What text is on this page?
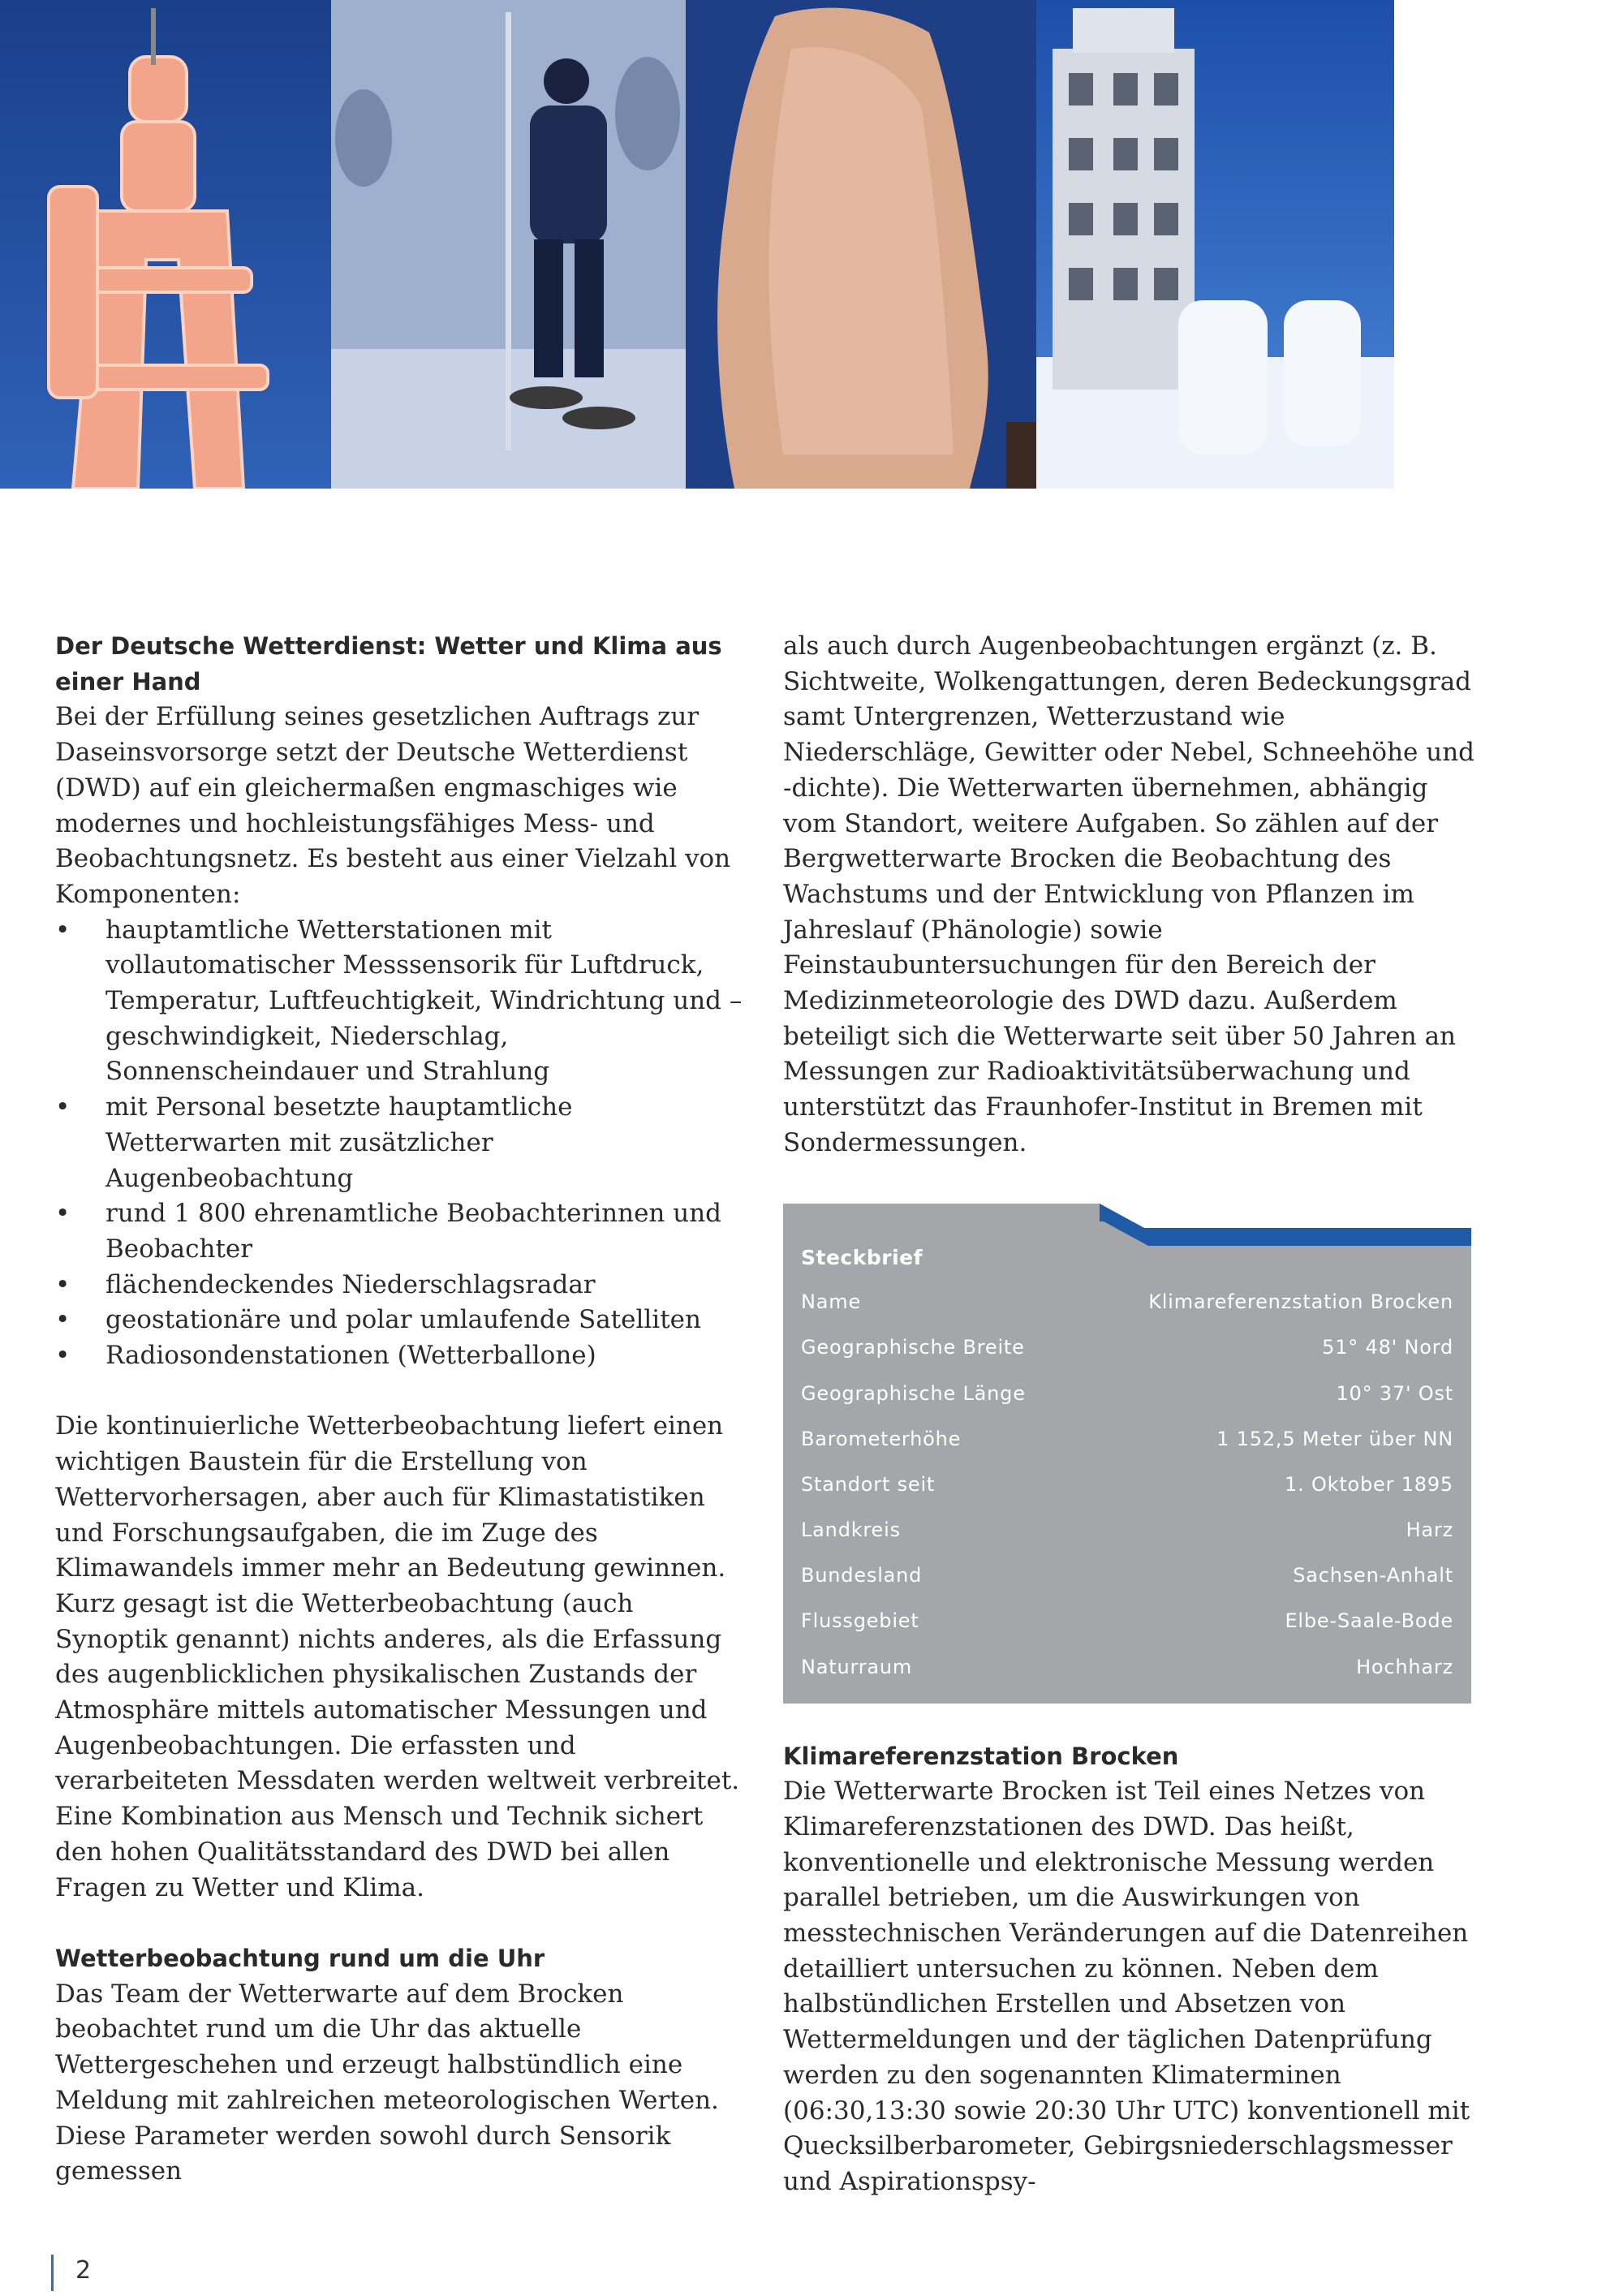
Der Deutsche Wetterdienst: Wetter und Klima aus einer Hand

Bei der Erfüllung seines gesetzlichen Auftrags zur Daseinsvorsorge setzt der Deutsche Wetterdienst (DWD) auf ein gleichermaßen engmaschiges wie modernes und hochleistungsfähiges Mess- und Beobachtungsnetz. Es besteht aus einer Vielzahl von Komponenten:

• hauptamtliche Wetterstationen mit vollautomatischer Messsensorik für Luftdruck, Temperatur, Luftfeuchtigkeit, Windrichtung und –geschwindigkeit, Niederschlag, Sonnenscheindauer und Strahlung
• mit Personal besetzte hauptamtliche Wetterwarten mit zusätzlicher Augenbeobachtung
• rund 1 800 ehrenamtliche Beobachterinnen und Beobachter
• flächendeckendes Niederschlagsradar
• geostationäre und polar umlaufende Satelliten
• Radiosondenstationen (Wetterballone)

Die kontinuierliche Wetterbeobachtung liefert einen wichtigen Baustein für die Erstellung von Wettervorhersagen, aber auch für Klimastatistiken und Forschungsaufgaben, die im Zuge des Klimawandels immer mehr an Bedeutung gewinnen. Kurz gesagt ist die Wetterbeobachtung (auch Synoptik genannt) nichts anderes, als die Erfassung des augenblicklichen physikalischen Zustands der Atmosphäre mittels automatischer Messungen und Augenbeobachtungen. Die erfassten und verarbeiteten Messdaten werden weltweit verbreitet. Eine Kombination aus Mensch und Technik sichert den hohen Qualitätsstandard des DWD bei allen Fragen zu Wetter und Klima.

Wetterbeobachtung rund um die Uhr

Das Team der Wetterwarte auf dem Brocken beobachtet rund um die Uhr das aktuelle Wettergeschehen und erzeugt halbstündlich eine Meldung mit zahlreichen meteorologischen Werten. Diese Parameter werden sowohl durch Sensorik gemessen

als auch durch Augenbeobachtungen ergänzt (z. B. Sichtweite, Wolkengattungen, deren Bedeckungsgrad samt Untergrenzen, Wetterzustand wie Niederschläge, Gewitter oder Nebel, Schneehöhe und -dichte). Die Wetterwarten übernehmen, abhängig vom Standort, weitere Aufgaben. So zählen auf der Bergwetterwarte Brocken die Beobachtung des Wachstums und der Entwicklung von Pflanzen im Jahreslauf (Phänologie) sowie Feinstaubuntersuchungen für den Bereich der Medizinmeteorologie des DWD dazu. Außerdem beteiligt sich die Wetterwarte seit über 50 Jahren an Messungen zur Radioaktivitätsüberwachung und unterstützt das Fraunhofer-Institut in Bremen mit Sondermessungen.

Steckbrief
Name	Klimareferenzstation Brocken
Geographische Breite	51° 48' Nord
Geographische Länge	10° 37' Ost
Barometerhöhe	1 152,5 Meter über NN
Standort seit	1. Oktober 1895
Landkreis	Harz
Bundesland	Sachsen-Anhalt
Flussgebiet	Elbe-Saale-Bode
Naturraum	Hochharz

Klimareferenzstation Brocken

Die Wetterwarte Brocken ist Teil eines Netzes von Klimareferenzstationen des DWD. Das heißt, konventionelle und elektronische Messung werden parallel betrieben, um die Auswirkungen von messtechnischen Veränderungen auf die Datenreihen detailliert untersuchen zu können. Neben dem halbstündlichen Erstellen und Absetzen von Wettermeldungen und der täglichen Datenprüfung werden zu den sogenannten Klimaterminen (06:30,13:30 sowie 20:30 Uhr UTC) konventionell mit Quecksilberbarometer, Gebirgsniederschlagsmesser und Aspirationspsy-

2
